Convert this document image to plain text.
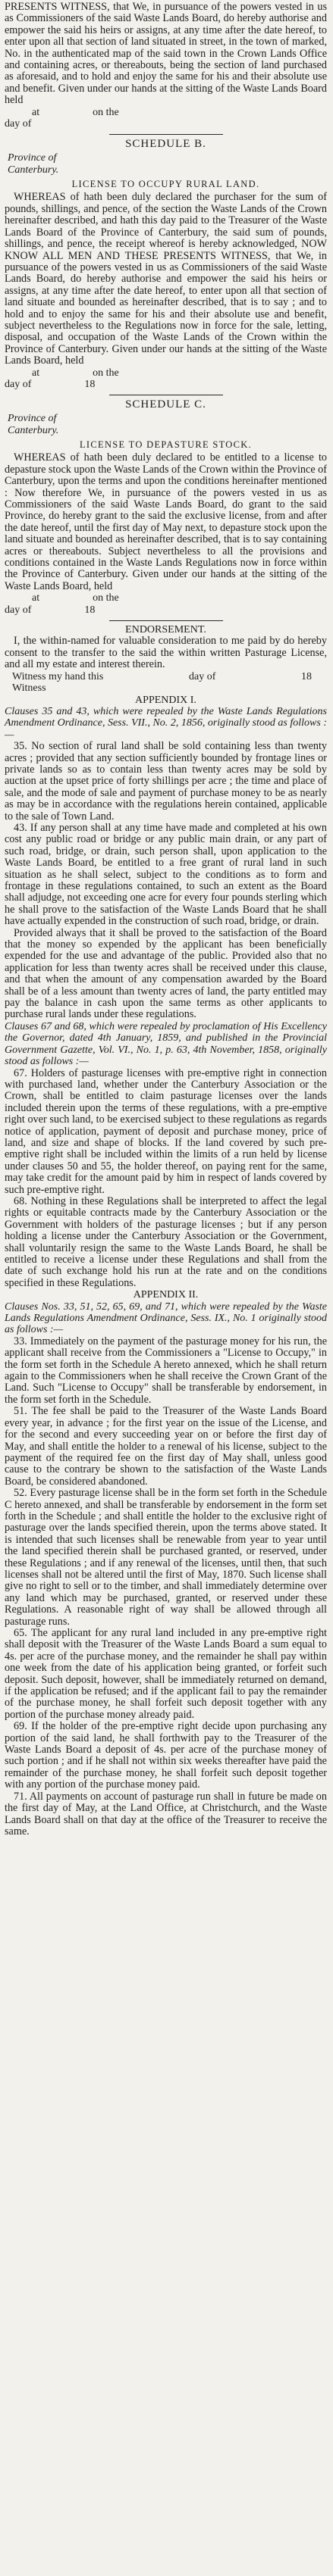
PRESENTS WITNESS, that We, in pursuance of the powers vested in us as Commissioners of the said Waste Lands Board, do hereby authorise and empower the said his heirs or assigns, at any time after the date hereof, to enter upon all that section of land situated in street, in the town of marked, No. in the authenticated map of the said town in the Crown Lands Office and containing acres, or thereabouts, being the section of land purchased as aforesaid, and to hold and enjoy the same for his and their absolute use and benefit. Given under our hands at the sitting of the Waste Lands Board held

at	on the
day of
SCHEDULE B.
Province of
Canterbury.
LICENSE TO OCCUPY RURAL LAND.

WHEREAS of hath been duly declared the purchaser for the sum of pounds, shillings, and pence, of the section the Waste Lands of the Crown hereinafter described, and hath this day paid to the Treasurer of the Waste Lands Board of the Province of Canterbury, the said sum of pounds, shillings, and pence, the receipt whereof is hereby acknowledged, NOW KNOW ALL MEN AND THESE PRESENTS WITNESS, that We, in pursuance of the powers vested in us as Commissioners of the said Waste Lands Board, do hereby authorise and empower the said his heirs or assigns, at any time after the date hereof, to enter upon all that section of land situate and bounded as hereinafter described, that is to say ; and to hold and to enjoy the same for his and their absolute use and benefit, subject nevertheless to the Regulations now in force for the sale, letting, disposal, and occupation of the Waste Lands of the Crown within the Province of Canterbury. Given under our hands at the sitting of the Waste Lands Board, held

at	on the
day of	18
SCHEDULE C.
Province of
Canterbury.
LICENSE TO DEPASTURE STOCK.

WHEREAS of hath been duly declared to be entitled to a license to depasture stock upon the Waste Lands of the Crown within the Province of Canterbury, upon the terms and upon the conditions hereinafter mentioned : Now therefore We, in pursuance of the powers vested in us as Commissioners of the said Waste Lands Board, do grant to the said Province, do hereby grant to the said the exclusive license, from and after the date hereof, until the first day of May next, to depasture stock upon the land situate and bounded as hereinafter described, that is to say containing acres or thereabouts. Subject nevertheless to all the provisions and conditions contained in the Waste Lands Regulations now in force within the Province of Canterbury. Given under our hands at the sitting of the Waste Lands Board, held

at	on the
day of	18
ENDORSEMENT.

I, the within-named for valuable consideration to me paid by do hereby consent to the transfer to the said the within written Pasturage License, and all my estate and interest therein.

Witness my hand this	day of	18
Witness
APPENDIX I.

Clauses 35 and 43, which were repealed by the Waste Lands Regulations Amendment Ordinance, Sess. VII., No. 2, 1856, originally stood as follows :—

35. No section of rural land shall be sold containing less than twenty acres ; provided that any section sufficiently bounded by frontage lines or private lands so as to contain less than twenty acres may be sold by auction at the upset price of forty shillings per acre ; the time and place of sale, and the mode of sale and payment of purchase money to be as nearly as may be in accordance with the regulations herein contained, applicable to the sale of Town Land.

43. If any person shall at any time have made and completed at his own cost any public road or bridge or any public main drain, or any part of such road, bridge, or drain, such person shall, upon application to the Waste Lands Board, be entitled to a free grant of rural land in such situation as he shall select, subject to the conditions as to form and frontage in these regulations contained, to such an extent as the Board shall adjudge, not exceeding one acre for every four pounds sterling which he shall prove to the satisfaction of the Waste Lands Board that he shall have actually expended in the construction of such road, bridge, or drain.

Provided always that it shall be proved to the satisfaction of the Board that the money so expended by the applicant has been beneficially expended for the use and advantage of the public. Provided also that no application for less than twenty acres shall be received under this clause, and that when the amount of any compensation awarded by the Board shall be of a less amount than twenty acres of land, the party entitled may pay the balance in cash upon the same terms as other applicants to purchase rural lands under these regulations.

Clauses 67 and 68, which were repealed by proclamation of His Excellency the Governor, dated 4th January, 1859, and published in the Provincial Government Gazette, Vol. VI., No. 1, p. 63, 4th November, 1858, originally stood as follows :—

67. Holders of pasturage licenses with pre-emptive right in connection with purchased land, whether under the Canterbury Association or the Crown, shall be entitled to claim pasturage licenses over the lands included therein upon the terms of these regulations, with a pre-emptive right over such land, to be exercised subject to these regulations as regards notice of application, payment of deposit and purchase money, price of land, and size and shape of blocks. If the land covered by such pre-emptive right shall be included within the limits of a run held by license under clauses 50 and 55, the holder thereof, on paying rent for the same, may take credit for the amount paid by him in respect of lands covered by such pre-emptive right.

68. Nothing in these Regulations shall be interpreted to affect the legal rights or equitable contracts made by the Canterbury Association or the Government with holders of the pasturage licenses ; but if any person holding a license under the Canterbury Association or the Government, shall voluntarily resign the same to the Waste Lands Board, he shall be entitled to receive a license under these Regulations and shall from the date of such exchange hold his run at the rate and on the conditions specified in these Regulations.

APPENDIX II.

Clauses Nos. 33, 51, 52, 65, 69, and 71, which were repealed by the Waste Lands Regulations Amendment Ordinance, Sess. IX., No. 1 originally stood as follows :—

33. Immediately on the payment of the pasturage money for his run, the applicant shall receive from the Commissioners a "License to Occupy," in the form set forth in the Schedule A hereto annexed, which he shall return again to the Commissioners when he shall receive the Crown Grant of the Land. Such "License to Occupy" shall be transferable by endorsement, in the form set forth in the Schedule.

51. The fee shall be paid to the Treasurer of the Waste Lands Board every year, in advance ; for the first year on the issue of the License, and for the second and every succeeding year on or before the first day of May, and shall entitle the holder to a renewal of his license, subject to the payment of the required fee on the first day of May shall, unless good cause to the contrary be shown to the satisfaction of the Waste Lands Board, be considered abandoned.

52. Every pasturage license shall be in the form set forth in the Schedule C hereto annexed, and shall be transferable by endorsement in the form set forth in the Schedule ; and shall entitle the holder to the exclusive right of pasturage over the lands specified therein, upon the terms above stated. It is intended that such licenses shall be renewable from year to year until the land specified therein shall be purchased granted, or reserved, under these Regulations ; and if any renewal of the licenses, until then, that such licenses shall not be altered until the first of May, 1870. Such license shall give no right to sell or to the timber, and shall immediately determine over any land which may be purchased, granted, or reserved under these Regulations. A reasonable right of way shall be allowed through all pasturage runs.

65. The applicant for any rural land included in any pre-emptive right shall deposit with the Treasurer of the Waste Lands Board a sum equal to 4s. per acre of the purchase money, and the remainder he shall pay within one week from the date of his application being granted, or forfeit such deposit. Such deposit, however, shall be immediately returned on demand, if the application be refused; and if the applicant fail to pay the remainder of the purchase money, he shall forfeit such deposit together with any portion of the purchase money already paid.

69. If the holder of the pre-emptive right decide upon purchasing any portion of the said land, he shall forthwith pay to the Treasurer of the Waste Lands Board a deposit of 4s. per acre of the purchase money of such portion ; and if he shall not within six weeks thereafter have paid the remainder of the purchase money, he shall forfeit such deposit together with any portion of the purchase money paid.

71. All payments on account of pasturage run shall in future be made on the first day of May, at the Land Office, at Christchurch, and the Waste Lands Board shall on that day at the office of the Treasurer to receive the same.
